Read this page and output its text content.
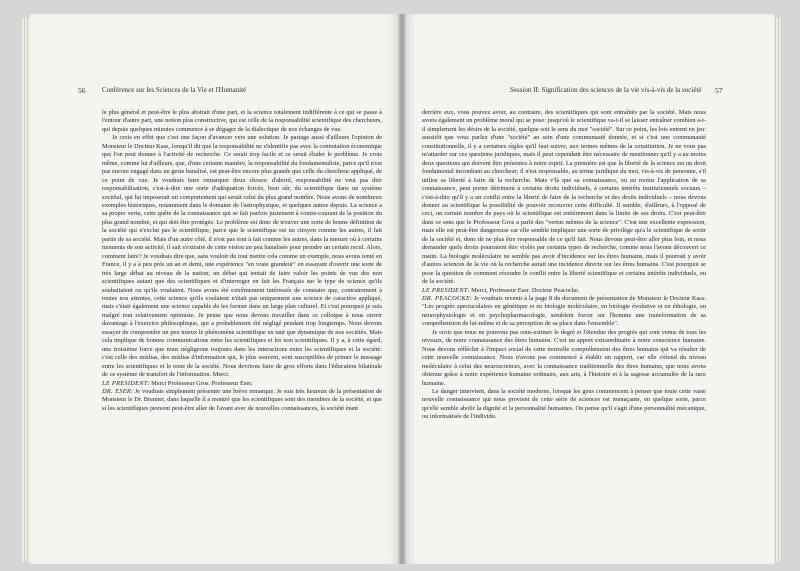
56 Conférence sur les Sciences de la Vie et l'Humanité

le plus général et peut-être le plus abstrait d'une part, et la science totalement indifférente à ce qui se passe à l'entour d'autre part, une notion plus constructive, qui est celle de la responsabilité scientifique des chercheurs, qui depuis quelques minutes commence à se dégager de la dialectique de nos échanges de vue.

Je crois en effet que c'est une façon d'avancer vers une solution. Je partage aussi d'ailleurs l'opinion de Monsieur le Docteur Kass, lorsqu'il dit que la responsabilité ne s'identifie pas avec la connotation économique que l'on peut donner à l'activité de recherche. Ce serait trop facile et ce serait éluder le problème. Je crois même, comme lui d'ailleurs, que, d'une certaine manière, la responsabilité du fondamentaliste, parce qu'il n'est pas encore engagé dans un geste banalisé, est peut-être encore plus grande que celle du chercheur appliqué, de ce point de vue. Je voudrais faire remarquer deux choses: d'abord, responsabilité ne veut pas dire responsabilisation, c'est-à-dire une sorte d'adéquation forcée, bien sûr, du scientifique dans un système sociétal, qui lui imposerait un comportement qui serait celui du plus grand nombre. Nous avons de nombreux exemples historiques, notamment dans le domaine de l'astrophysique, et quelques autres depuis. La science a sa propre vertu, cette quête de la connaissance qui se fait parfois justement à contre-courant de la position du plus grand nombre, et qui doit être protégée. Le problème est donc de trouver une sorte de bonne définition de la société qui n'exclut pas le scientifique, parce que le scientifique est un citoyen comme les autres, il fait partie de sa société. Mais d'un autre côté, il n'est pas tout à fait comme les autres, dans la mesure où à certains moments de son activité, il sait s'extraire de cette vision un peu banalisée pour prendre un certain recul. Alors, comment faire? Je voudrais dire que, sans vouloir du tout mettre cela comme un exemple, nous avons tenté en France, il y a à peu près un an et demi, une expérience "en vraie grandeur" en essayant d'ouvrir une sorte de très large débat au niveau de la nation; un débat qui tentait de faire valoir les points de vue des non scientifiques autant que des scientifiques et d'interroger en fait les Français sur le type de science qu'ils souhaitaient ou qu'ils voulaient. Nous avons été extrêmement intéressés de constater que, contrairement à toutes nos attentes, cette science qu'ils voulaient n'était pas uniquement une science de caractère appliqué, mais c'était également une science capable de les former dans un large plan culturel. Et c'est pourquoi je suis malgré tout relativement optimiste. Je pense que nous devons travailler dans ce colloque à nous ouvrir davantage à l'exercice philosophique, qui a probablement été négligé pendant trop longtemps. Nous devons essayer de comprendre un peu mieux le phénomène scientifique en tant que dynamique de nos sociétés. Mais cela implique de bonnes communications entre les scientifiques et les non scientifiques. Il y a, à cette égard, une troisième force que nous négligeons toujours dans les interactions entre les scientifiques et la société: c'est celle des médias, des médias d'information qui, le plus souvent, sont susceptibles de primer le message entre les scientifiques et le reste de la société. Nous devrions faire de gros efforts dans l'éducation bilatérale de ce système de transfert de l'information. Merci.

LE PRESIDENT: Merci Professeur Gros. Professeur Eser.

DR. ESER: Je voudrais simplement présenter une brève remarque. Je suis très heureux de la présentation de Monsieur le Dr. Brenner, dans laquelle il a montré que les scientifiques sont des membres de la société, et que si les scientifiques peuvent peut-être aller de l'avant avec de nouvelles connaissances, la société étant

Session II: Signification des sciences de la vie vis-à-vis de la société 57

derrière eux, vous pouvez avoir, au contraire, des scientifiques qui sont entraînés par la société. Mais nous avons également un problème moral qui se pose: jusqu'où le scientifique va-t-il se laisser entraîner combien a-t-il simplement les désirs de la société, quelque soit le sens du mot "société". Sur ce point, les lois entrent en jeu: aussitôt que vous parlez d'une "société" au sein d'une communauté donnée, et si c'est une communauté constitutionnelle, il y a certaines règles qu'il faut suivre, aux termes mêmes de la constitution. Je ne vous pas m'attarder sur ces questions juridiques, mais il peut cependant être nécessaire de mentionner qu'il y a au moins deux questions qui doivent être présentes à notre esprit. La première est que la liberté de la science est un droit fondamental incombant au chercheur; il n'est responsable, au terme juridique du mot, vis-à-vis de personne, s'il utilise sa liberté à faire de la recherche. Mais v'là que sa connaissance, ou au moins l'application de sa connaissance, peut porter détriment à certains droits individuels, à certains intérêts institutionnels sociaux – c'est-à-dire qu'il y a un conflit entre la liberté de faire de la recherche et des droits individuels – nous devons donner au scientifique la possibilité de pouvoir recouvrer cette difficulté. Il semble, d'ailleurs, à l'opposé de ceci, un certain nombre de pays où le scientifique est entièrement dans la limite de ses droits. C'est peut-être dans ce sens que le Professeur Gros a parlé des "vertus mêmes de la science". C'est une excellente expression, mais elle est peut-être dangereuse car elle semble impliquer une sorte de privilège qu'a le scientifique de sortir de la société et, donc de ne plus être responsable de ce qu'il fait. Nous devons peut-être aller plus loin, et nous demander quels droits pourraient être violés par certains types de recherche, comme nous l'avons découvert ce matin. La biologie moléculaire ne semble pas avoir d'incidence sur les êtres humains, mais il pourrait y avoir d'autres sciences de la vie où la recherche aurait une incidence directe sur les êtres humains. C'est pourquoi se pose la question de comment résoudre le conflit entre la liberté scientifique et certains intérêts individuels, ou de la société.

LE PRESIDENT: Merci, Professeur Eser. Docteur Peacocke.

DR. PEACOCKE: Je voudrais revenir à la page 8 du document de présentation de Monsieur le Docteur Kass: "Les progrès spectaculaires en génétique et en biologie moléculaire, en biologie évolutive et en éthologie, en neurophysiologie et en psychopharmacologie, semblent forcer sur l'homme une transformation de sa compréhension de lui-même et de sa perception de sa place dans l'ensemble".

Je crois que nous ne pouvons pas sous-estimer le degré et l'étendue des progrès qui sont venus de tous les niveaux, de notre connaissance des êtres humains. C'est un apport extraordinaire à notre conscience humaine. Nous devons réfléchir à l'impact social de cette nouvelle compréhension des êtres humains qui va résulter de cette nouvelle connaissance. Nous n'avons pas commencé à établir un rapport, car elle s'étend du niveau moléculaire à celui des neurosciences, avec la connaissance traditionnelle des êtres humains, que nous avons obtenue grâce à notre expérience humaine ordinaire, aux arts, à l'histoire et à la sagesse accumulée de la race humaine.

Le danger intervient, dans la société moderne, lorsque les gens commencent à penser que toute cette vaste nouvelle connaissance qui nous provient de cette série de sciences est menaçante, en quelque sorte, parce qu'elle semble abolir la dignité et la personnalité humaines. On pense qu'il s'agit d'une personnalité mécanique, ou informatisée de l'individu.
